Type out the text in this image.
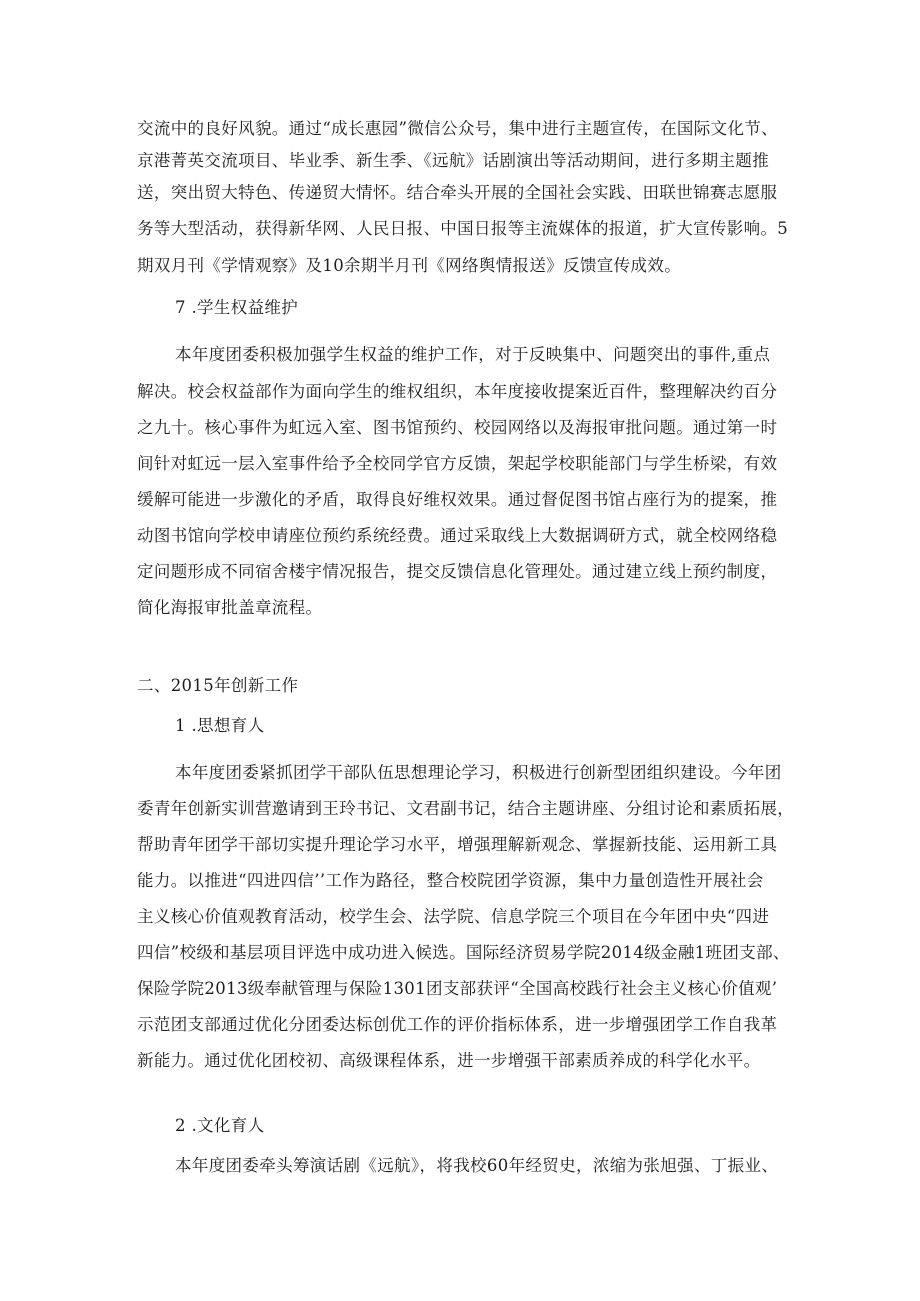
交流中的良好风貌。通过“成长惠园”微信公众号，集中进行主题宣传，在国际文化节、
京港菁英交流项目、毕业季、新生季、《远航》话剧演出等活动期间，进行多期主题推
送，突出贸大特色、传递贸大情怀。结合牵头开展的全国社会实践、田联世锦赛志愿服
务等大型活动，获得新华网、人民日报、中国日报等主流媒体的报道，扩大宣传影响。5
期双月刊《学情观察》及10余期半月刊《网络舆情报送》反馈宣传成效。
7 .学生权益维护
本年度团委积极加强学生权益的维护工作，对于反映集中、问题突出的事件,重点
解决。校会权益部作为面向学生的维权组织，本年度接收提案近百件，整理解决约百分
之九十。核心事件为虹远入室、图书馆预约、校园网络以及海报审批问题。通过第一时
间针对虹远一层入室事件给予全校同学官方反馈，架起学校职能部门与学生桥梁，有效
缓解可能进一步激化的矛盾，取得良好维权效果。通过督促图书馆占座行为的提案，推
动图书馆向学校申请座位预约系统经费。通过采取线上大数据调研方式，就全校网络稳
定问题形成不同宿舍楼宇情况报告，提交反馈信息化管理处。通过建立线上预约制度，
简化海报审批盖章流程。
二、2015年创新工作
1 .思想育人
本年度团委紧抓团学干部队伍思想理论学习，积极进行创新型团组织建设。今年团
委青年创新实训营邀请到王玲书记、文君副书记，结合主题讲座、分组讨论和素质拓展，
帮助青年团学干部切实提升理论学习水平，增强理解新观念、掌握新技能、运用新工具
能力。以推进“四进四信’’工作为路径，整合校院团学资源，集中力量创造性开展社会
主义核心价值观教育活动，校学生会、法学院、信息学院三个项目在今年团中央“四进
四信”校级和基层项目评选中成功进入候选。国际经济贸易学院2014级金融1班团支部、
保险学院2013级奉献管理与保险1301团支部获评“全国高校践行社会主义核心价值观’
示范团支部通过优化分团委达标创优工作的评价指标体系，进一步增强团学工作自我革
新能力。通过优化团校初、高级课程体系，进一步增强干部素质养成的科学化水平。
2 .文化育人
本年度团委牵头筹演话剧《远航》，将我校60年经贸史，浓缩为张旭强、丁振业、
